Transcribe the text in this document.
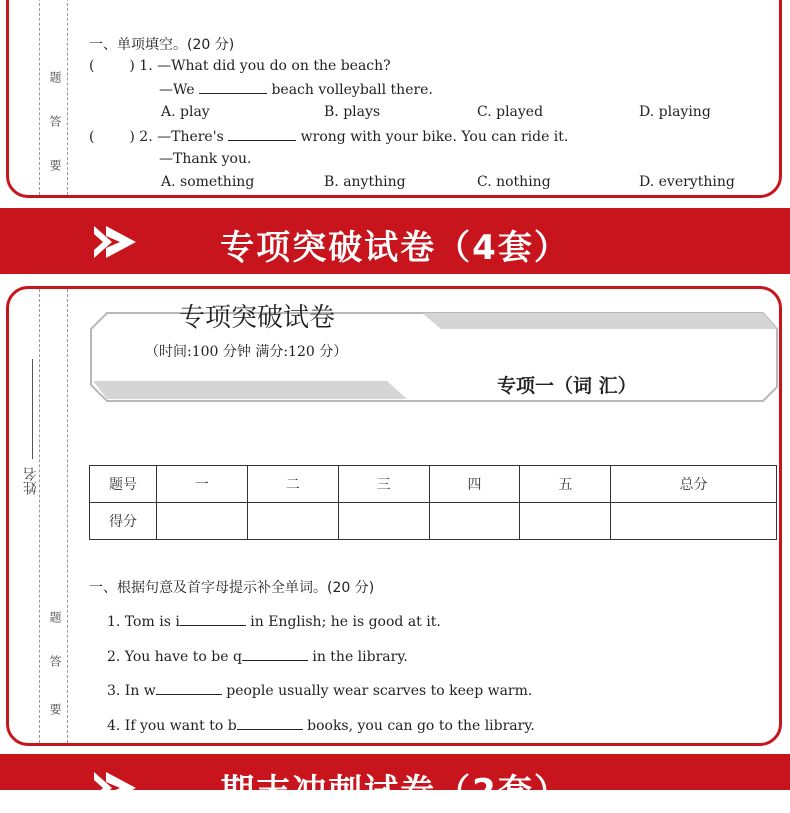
题
答
要
一、单项填空。(20 分)
( ) 1. —What did you do on the beach?
—We	beach volleyball there.
A. play	B. plays	C. played	D. playing
( ) 2. —There's	wrong with your bike. You can ride it.
—Thank you.
A. something	B. anything	C. nothing	D. everything
专项突破试卷（4套）
姓名
题
答
要
专项突破试卷
（时间:100 分钟 满分:120 分）
专项一（词 汇）
题号	一	二	三	四	五	总分
得分						
一、根据句意及首字母提示补全单词。(20 分)
1. Tom is i	in English; he is good at it.
2. You have to be q	in the library.
3. In w	people usually wear scarves to keep warm.
4. If you want to b	books, you can go to the library.
期末冲刺试卷（2套）
